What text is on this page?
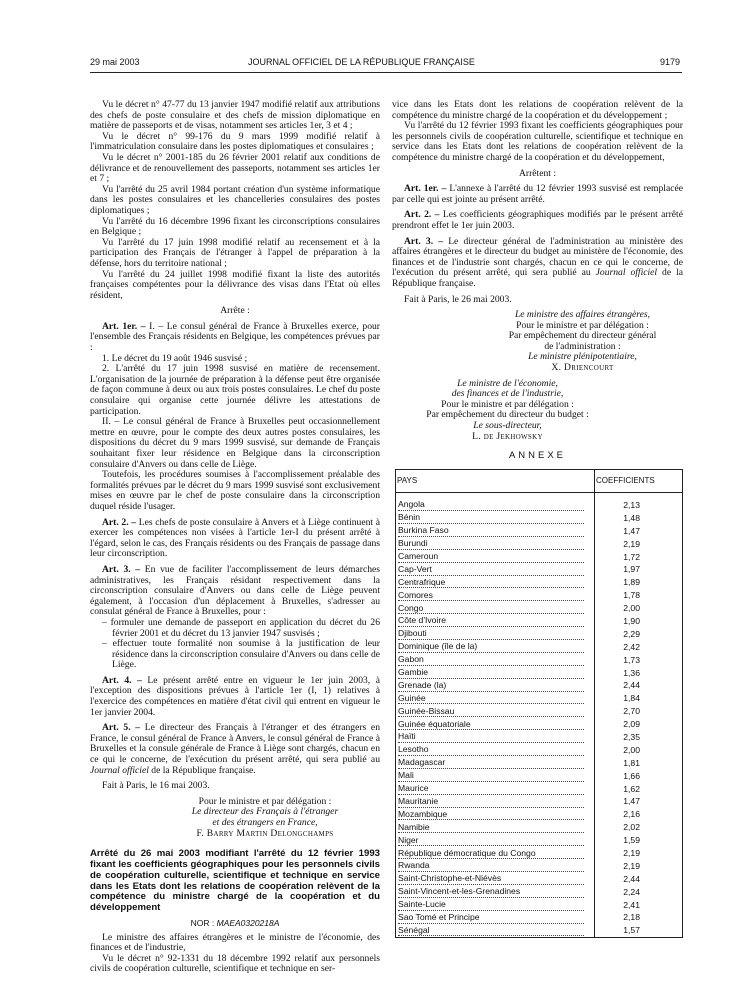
29 mai 2003	JOURNAL OFFICIEL DE LA RÉPUBLIQUE FRANÇAISE	9179

Vu le décret n° 47-77 du 13 janvier 1947 modifié relatif aux attributions des chefs de poste consulaire et des chefs de mission diplomatique en matière de passeports et de visas, notamment ses articles 1er, 3 et 4 ;

Vu le décret n° 99-176 du 9 mars 1999 modifié relatif à l'immatriculation consulaire dans les postes diplomatiques et consulaires ;

Vu le décret n° 2001-185 du 26 février 2001 relatif aux conditions de délivrance et de renouvellement des passeports, notamment ses articles 1er et 7 ;

Vu l'arrêté du 25 avril 1984 portant création d'un système informatique dans les postes consulaires et les chancelleries consulaires des postes diplomatiques ;

Vu l'arrêté du 16 décembre 1996 fixant les circonscriptions consulaires en Belgique ;

Vu l'arrêté du 17 juin 1998 modifié relatif au recensement et à la participation des Français de l'étranger à l'appel de préparation à la défense, hors du territoire national ;

Vu l'arrêté du 24 juillet 1998 modifié fixant la liste des autorités françaises compétentes pour la délivrance des visas dans l'Etat où elles résident,

Arrête :

Art. 1er. – I. – Le consul général de France à Bruxelles exerce, pour l'ensemble des Français résidents en Belgique, les compétences prévues par :

1. Le décret du 19 août 1946 susvisé ;

2. L'arrêté du 17 juin 1998 susvisé en matière de recensement. L'organisation de la journée de préparation à la défense peut être organisée de façon commune à deux ou aux trois postes consulaires. Le chef du poste consulaire qui organise cette journée délivre les attestations de participation.

II. – Le consul général de France à Bruxelles peut occasionnellement mettre en œuvre, pour le compte des deux autres postes consulaires, les dispositions du décret du 9 mars 1999 susvisé, sur demande de Français souhaitant fixer leur résidence en Belgique dans la circonscription consulaire d'Anvers ou dans celle de Liège.

Toutefois, les procédures soumises à l'accomplissement préalable des formalités prévues par le décret du 9 mars 1999 susvisé sont exclusivement mises en œuvre par le chef de poste consulaire dans la circonscription duquel réside l'usager.

Art. 2. – Les chefs de poste consulaire à Anvers et à Liège continuent à exercer les compétences non visées à l'article 1er-I du présent arrêté à l'égard, selon le cas, des Français résidents ou des Français de passage dans leur circonscription.

Art. 3. – En vue de faciliter l'accomplissement de leurs démarches administratives, les Français résidant respectivement dans la circonscription consulaire d'Anvers ou dans celle de Liège peuvent également, à l'occasion d'un déplacement à Bruxelles, s'adresser au consulat général de France à Bruxelles, pour :

– formuler une demande de passeport en application du décret du 26 février 2001 et du décret du 13 janvier 1947 susvisés ;

– effectuer toute formalité non soumise à la justification de leur résidence dans la circonscription consulaire d'Anvers ou dans celle de Liège.

Art. 4. – Le présent arrêté entre en vigueur le 1er juin 2003, à l'exception des dispositions prévues à l'article 1er (I, 1) relatives à l'exercice des compétences en matière d'état civil qui entrent en vigueur le 1er janvier 2004.

Art. 5. – Le directeur des Français à l'étranger et des étrangers en France, le consul général de France à Anvers, le consul général de France à Bruxelles et la consule générale de France à Liège sont chargés, chacun en ce qui le concerne, de l'exécution du présent arrêté, qui sera publié au Journal officiel de la République française.

Fait à Paris, le 16 mai 2003.

Pour le ministre et par délégation :

Le directeur des Français à l'étranger

et des étrangers en France,

F. Barry Martin Delongchamps

Arrêté du 26 mai 2003 modifiant l'arrêté du 12 février 1993 fixant les coefficients géographiques pour les personnels civils de coopération culturelle, scientifique et technique en service dans les Etats dont les relations de coopération relèvent de la compétence du ministre chargé de la coopération et du développement

NOR : MAEA0320218A

Le ministre des affaires étrangères et le ministre de l'économie, des finances et de l'industrie,

Vu le décret n° 92-1331 du 18 décembre 1992 relatif aux personnels civils de coopération culturelle, scientifique et technique en ser-

vice dans les Etats dont les relations de coopération relèvent de la compétence du ministre chargé de la coopération et du développement ;

Vu l'arrêté du 12 février 1993 fixant les coefficients géographiques pour les personnels civils de coopération culturelle, scientifique et technique en service dans les Etats dont les relations de coopération relèvent de la compétence du ministre chargé de la coopération et du développement,

Arrêtent :

Art. 1er. – L'annexe à l'arrêté du 12 février 1993 susvisé est remplacée par celle qui est jointe au présent arrêté.

Art. 2. – Les coefficients géographiques modifiés par le présent arrêté prendront effet le 1er juin 2003.

Art. 3. – Le directeur général de l'administration au ministère des affaires étrangères et le directeur du budget au ministère de l'économie, des finances et de l'industrie sont chargés, chacun en ce qui le concerne, de l'exécution du présent arrêté, qui sera publié au Journal officiel de la République française.

Fait à Paris, le 26 mai 2003.

Le ministre des affaires étrangères,

Pour le ministre et par délégation :

Par empêchement du directeur général

de l'administration :

Le ministre plénipotentiaire,

X. Driencourt

Le ministre de l'économie,

des finances et de l'industrie,

Pour le ministre et par délégation :

Par empêchement du directeur du budget :

Le sous-directeur,

L. de Jekhowsky

ANNEXE

PAYS	COEFFICIENTS
Angola	2,13
Bénin	1,48
Burkina Faso	1,47
Burundi	2,19
Cameroun	1,72
Cap-Vert	1,97
Centrafrique	1,89
Comores	1,78
Congo	2,00
Côte d'Ivoire	1,90
Djibouti	2,29
Dominique (île de la)	2,42
Gabon	1,73
Gambie	1,36
Grenade (la)	2,44
Guinée	1,84
Guinée-Bissau	2,70
Guinée équatoriale	2,09
Haïti	2,35
Lesotho	2,00
Madagascar	1,81
Mali	1,66
Maurice	1,62
Mauritanie	1,47
Mozambique	2,16
Namibie	2,02
Niger	1,59
République démocratique du Congo	2,19
Rwanda	2,19
Saint-Christophe-et-Niévès	2,44
Saint-Vincent-et-les-Grenadines	2,24
Sainte-Lucie	2,41
Sao Tomé et Principe	2,18
Sénégal	1,57
